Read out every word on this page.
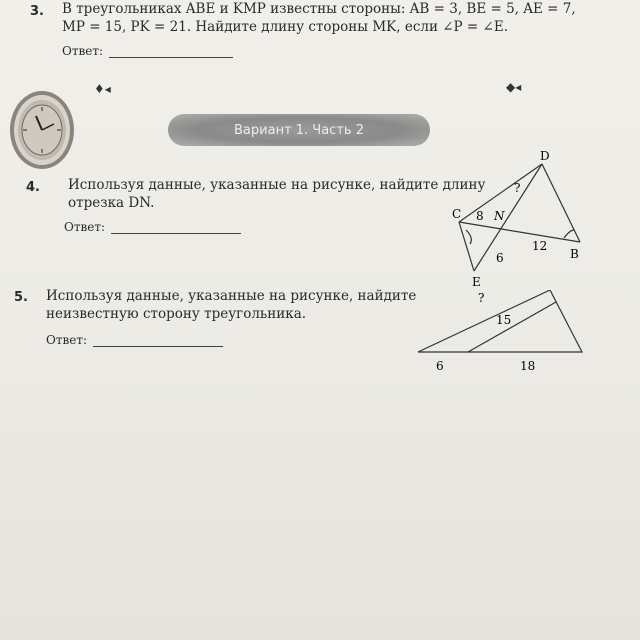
3. В треугольниках ABE и KMP известны стороны: AB = 3, BE = 5, AE = 7,
MP = 15, PK = 21. Найдите длину стороны MK, если ∠P = ∠E.
Ответ:
♦◂	◆◂
Вариант 1. Часть 2
4. Используя данные, указанные на рисунке, найдите длину
отрезка DN.
Ответ:
D
C	N
B
E
?
8
12
6
5. Используя данные, указанные на рисунке, найдите
неизвестную сторону треугольника.
Ответ:
?
15
6	18
